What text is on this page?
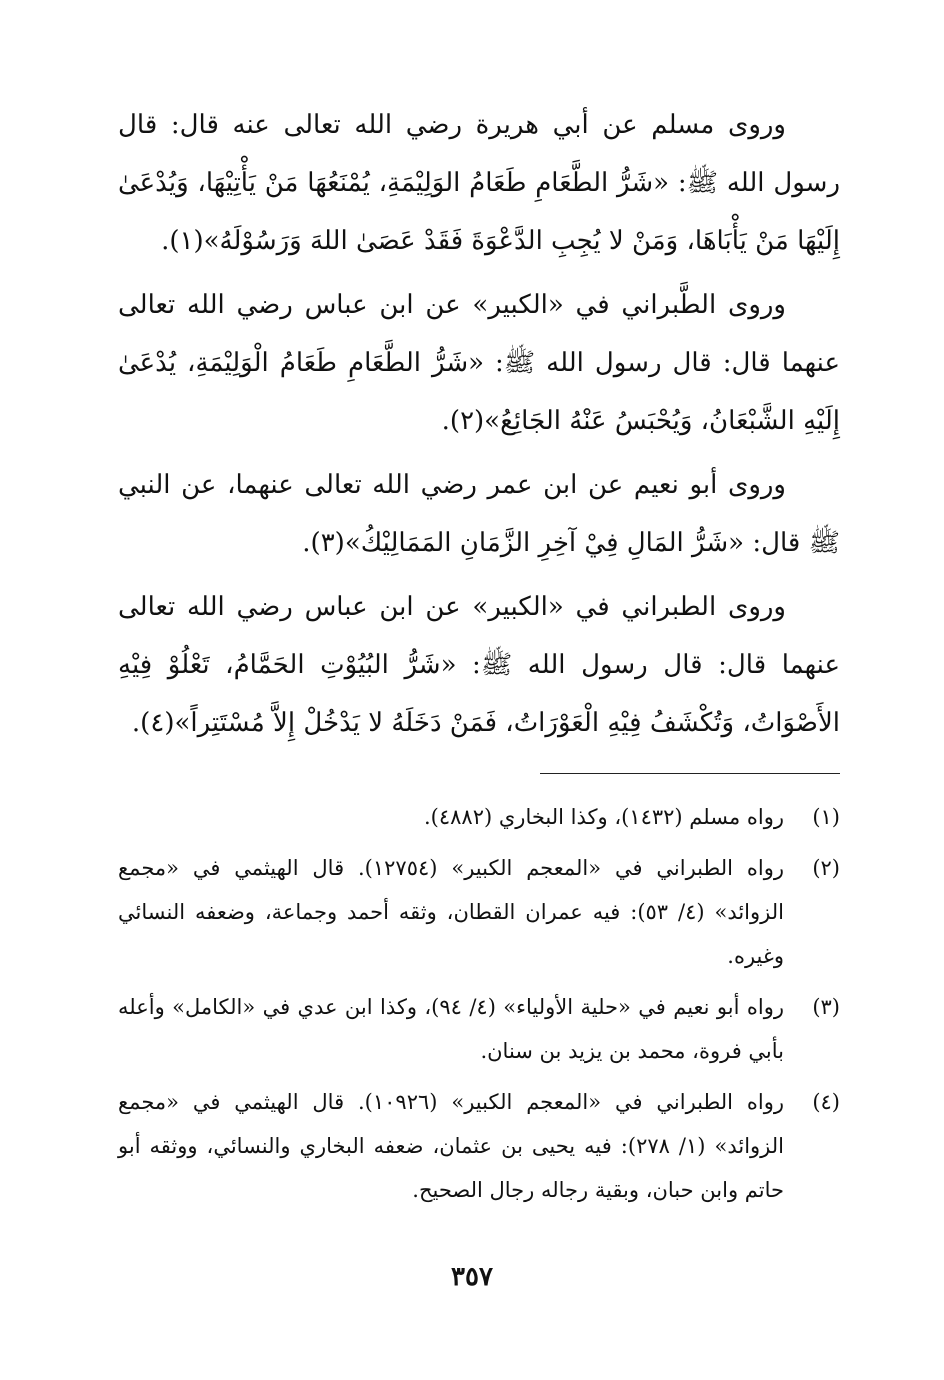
وروى مسلم عن أبي هريرة رضي الله تعالى عنه قال: قال رسول الله ﷺ: «شَرُّ الطَّعَامِ طَعَامُ الوَلِيْمَةِ، يُمْنَعُهَا مَنْ يَأْتِيْهَا، وَيُدْعَىٰ إِلَيْهَا مَنْ يَأْبَاهَا، وَمَنْ لا يُجِبِ الدَّعْوَةَ فَقَدْ عَصَىٰ اللهَ وَرَسُوْلَهُ»(١).

وروى الطَّبراني في «الكبير» عن ابن عباس رضي الله تعالى عنهما قال: قال رسول الله ﷺ: «شَرُّ الطَّعَامِ طَعَامُ الْوَلِيْمَةِ، يُدْعَىٰ إِلَيْهِ الشَّبْعَانُ، وَيُحْبَسُ عَنْهُ الجَائِعُ»(٢).

وروى أبو نعيم عن ابن عمر رضي الله تعالى عنهما، عن النبي ﷺ قال: «شَرُّ المَالِ فِيْ آخِرِ الزَّمَانِ المَمَالِيْكُ»(٣).

وروى الطبراني في «الكبير» عن ابن عباس رضي الله تعالى عنهما قال: قال رسول الله ﷺ: «شَرُّ البُيُوْتِ الحَمَّامُ، تَعْلُوْ فِيْهِ الأَصْوَاتُ، وَتُكْشَفُ فِيْهِ الْعَوْرَاتُ، فَمَنْ دَخَلَهُ لا يَدْخُلْ إِلاَّ مُسْتَتِراً»(٤).

(١)
رواه مسلم (١٤٣٢)، وكذا البخاري (٤٨٨٢).
(٢)
رواه الطبراني في «المعجم الكبير» (١٢٧٥٤). قال الهيثمي في «مجمع الزوائد» (٤/ ٥٣): فيه عمران القطان، وثقه أحمد وجماعة، وضعفه النسائي وغيره.
(٣)
رواه أبو نعيم في «حلية الأولياء» (٤/ ٩٤)، وكذا ابن عدي في «الكامل» وأعله بأبي فروة، محمد بن يزيد بن سنان.
(٤)
رواه الطبراني في «المعجم الكبير» (١٠٩٢٦). قال الهيثمي في «مجمع الزوائد» (١/ ٢٧٨): فيه يحيى بن عثمان، ضعفه البخاري والنسائي، ووثقه أبو حاتم وابن حبان، وبقية رجاله رجال الصحيح.
٣٥٧
